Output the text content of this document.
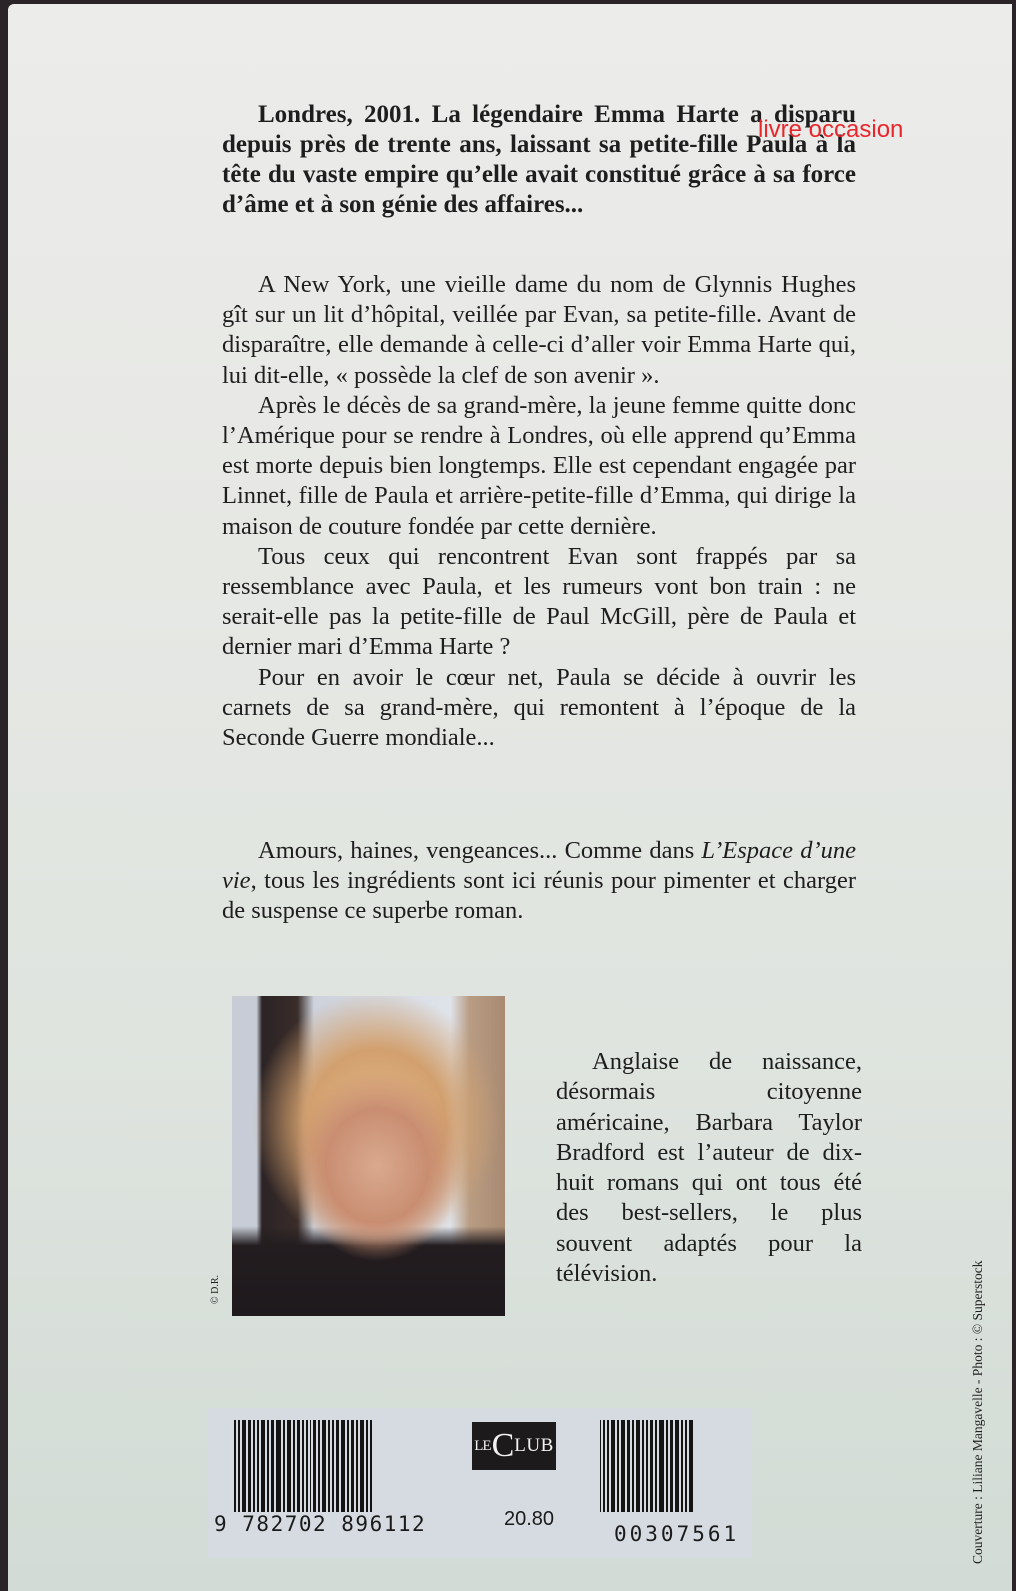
Londres, 2001. La légendaire Emma Harte a disparu depuis près de trente ans, laissant sa petite-fille Paula à la tête du vaste empire qu’elle avait constitué grâce à sa force d’âme et à son génie des affaires...
livre occasion

A New York, une vieille dame du nom de Glynnis Hughes gît sur un lit d’hôpital, veillée par Evan, sa petite-fille. Avant de disparaître, elle demande à celle-ci d’aller voir Emma Harte qui, lui dit-elle, « possède la clef de son avenir ».

Après le décès de sa grand-mère, la jeune femme quitte donc l’Amérique pour se rendre à Londres, où elle apprend qu’Emma est morte depuis bien longtemps. Elle est cependant engagée par Linnet, fille de Paula et arrière-petite-fille d’Emma, qui dirige la maison de couture fondée par cette dernière.

Tous ceux qui rencontrent Evan sont frappés par sa ressemblance avec Paula, et les rumeurs vont bon train : ne serait-elle pas la petite-fille de Paul McGill, père de Paula et dernier mari d’Emma Harte ?

Pour en avoir le cœur net, Paula se décide à ouvrir les carnets de sa grand-mère, qui remontent à l’époque de la Seconde Guerre mondiale...

Amours, haines, vengeances... Comme dans L’Espace d’une vie, tous les ingrédients sont ici réunis pour pimenter et charger de suspense ce superbe roman.

© D.R.

Anglaise de naissance, désormais citoyenne américaine, Barbara Taylor Bradford est l’auteur de dix-huit romans qui ont tous été des best-sellers, le plus souvent adaptés pour la télévision.	Couverture : Liliane Mangavelle - Photo : © Superstock
9 782702 896112
LE C LUB
20.80
00307561
